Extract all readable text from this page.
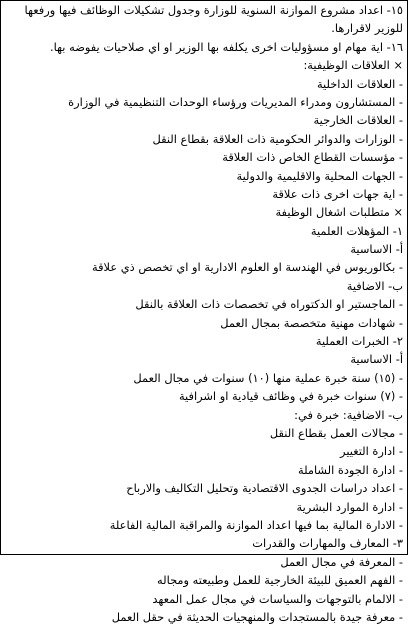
١٥- اعداد مشروع الموازنة السنوية للوزارة وجدول تشكيلات الوظائف فيها ورفعها
للوزير لاقرارها.
١٦- اية مهام او مسؤوليات اخرى يكلفه بها الوزير او اي صلاحيات يفوضه بها.
× العلاقات الوظيفية:
- العلاقات الداخلية
- المستشارون ومدراء المديريات ورؤساء الوحدات التنظيمية في الوزارة
- العلاقات الخارجية
- الوزارات والدوائر الحكومية ذات العلاقة بقطاع النقل
- مؤسسات القطاع الخاص ذات العلاقة
- الجهات المحلية والاقليمية والدولية
- اية جهات اخرى ذات علاقة
× متطلبات اشغال الوظيفة
١- المؤهلات العلمية
أ- الاساسية
- بكالوريوس في الهندسة او العلوم الادارية او اي تخصص ذي علاقة
ب- الاضافية
- الماجستير او الدكتوراه في تخصصات ذات العلاقة بالنقل
- شهادات مهنية متخصصة بمجال العمل
٢- الخبرات العملية
أ- الاساسية
- (١٥) سنة خبرة عملية منها (١٠) سنوات في مجال العمل
- (٧) سنوات خبرة في وظائف قيادية او اشرافية
ب- الاضافية: خبرة في:
- مجالات العمل بقطاع النقل
- ادارة التغيير
- ادارة الجودة الشاملة
- اعداد دراسات الجدوى الاقتصادية وتحليل التكاليف والارباح
- ادارة الموارد البشرية
- الادارة المالية بما فيها اعداد الموازنة والمراقبة المالية الفاعلة
٣- المعارف والمهارات والقدرات
- المعرفة في مجال العمل
- الفهم العميق للبيئة الخارجية للعمل وطبيعته ومجاله
- الالمام بالتوجهات والسياسات في مجال عمل المعهد
- معرفة جيدة بالمستجدات والمنهجيات الحديثة في حقل العمل
